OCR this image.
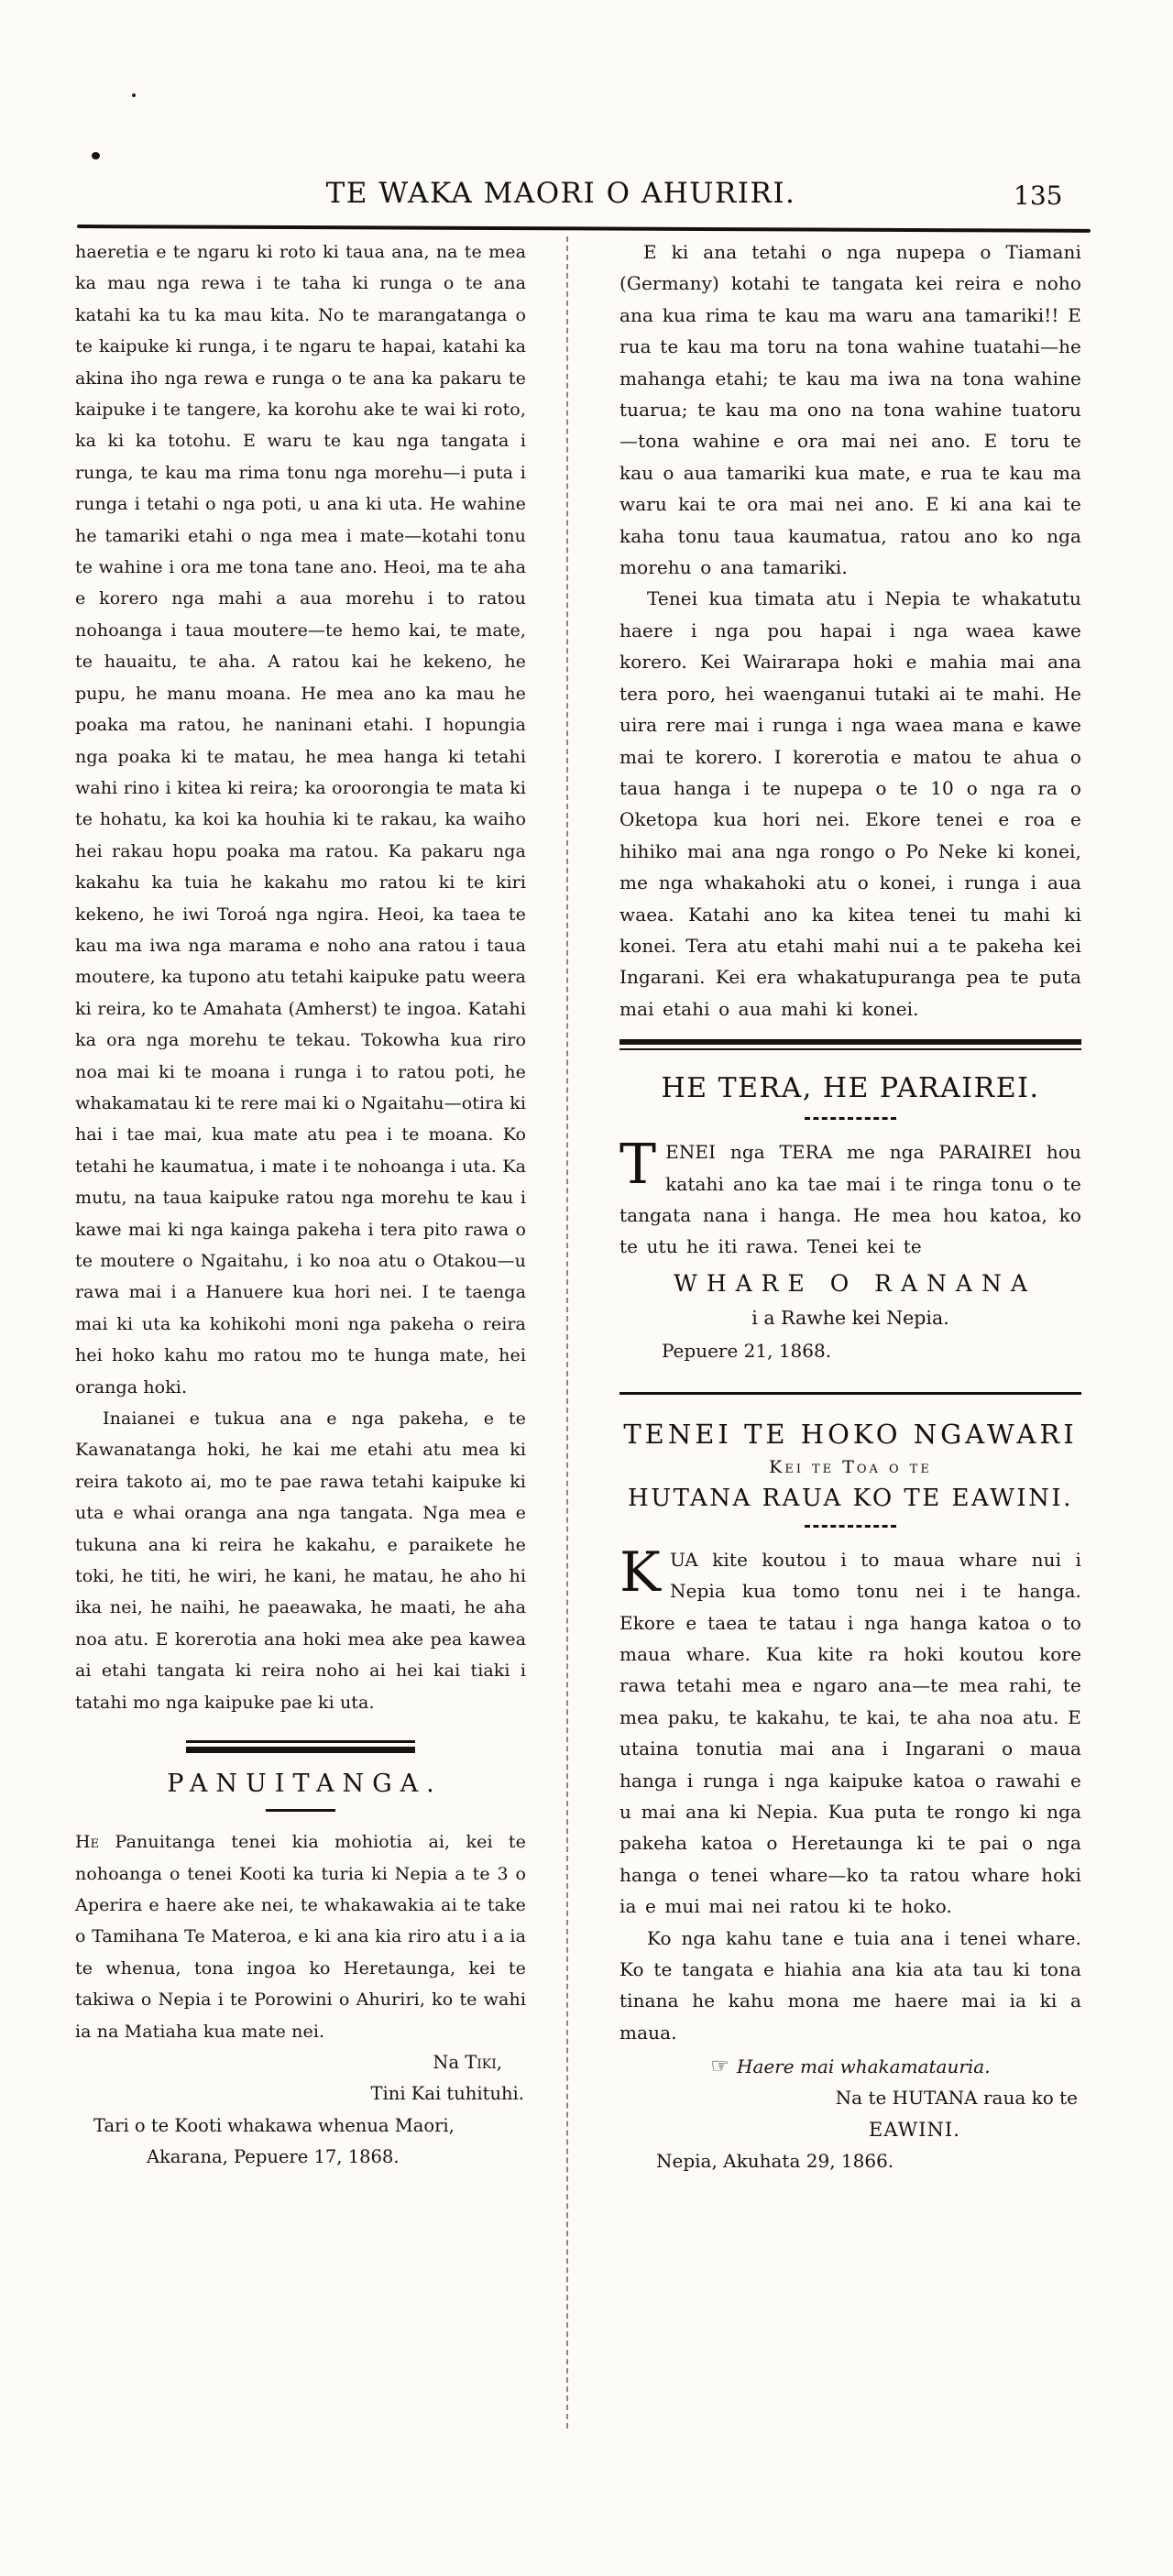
TE WAKA MAORI O AHURIRI.	135

haeretia e te ngaru ki roto ki taua ana, na te mea ka mau nga rewa i te taha ki runga o te ana katahi ka tu ka mau kita. No te marangatanga o te kaipuke ki runga, i te ngaru te hapai, katahi ka akina iho nga rewa e runga o te ana ka pakaru te kaipuke i te tangere, ka korohu ake te wai ki roto, ka ki ka totohu. E waru te kau nga tangata i runga, te kau ma rima tonu nga morehu—i puta i runga i tetahi o nga poti, u ana ki uta. He wahine he tamariki etahi o nga mea i mate—kotahi tonu te wahine i ora me tona tane ano. Heoi, ma te aha e korero nga mahi a aua morehu i to ratou nohoanga i taua moutere—te hemo kai, te mate, te hauaitu, te aha. A ratou kai he kekeno, he pupu, he manu moana. He mea ano ka mau he poaka ma ratou, he naninani etahi. I hopungia nga poaka ki te matau, he mea hanga ki tetahi wahi rino i kitea ki reira; ka oroorongia te mata ki te hohatu, ka koi ka houhia ki te rakau, ka waiho hei rakau hopu poaka ma ratou. Ka pakaru nga kakahu ka tuia he kakahu mo ratou ki te kiri kekeno, he iwi Toroá nga ngira. Heoi, ka taea te kau ma iwa nga marama e noho ana ratou i taua moutere, ka tupono atu tetahi kaipuke patu weera ki reira, ko te Amahata (Amherst) te ingoa. Katahi ka ora nga morehu te tekau. Tokowha kua riro noa mai ki te moana i runga i to ratou poti, he whakamatau ki te rere mai ki o Ngaitahu—otira ki hai i tae mai, kua mate atu pea i te moana. Ko tetahi he kaumatua, i mate i te nohoanga i uta. Ka mutu, na taua kaipuke ratou nga morehu te kau i kawe mai ki nga kainga pakeha i tera pito rawa o te moutere o Ngaitahu, i ko noa atu o Otakou—u rawa mai i a Hanuere kua hori nei. I te taenga mai ki uta ka kohikohi moni nga pakeha o reira hei hoko kahu mo ratou mo te hunga mate, hei oranga hoki.

Inaianei e tukua ana e nga pakeha, e te Kawanatanga hoki, he kai me etahi atu mea ki reira takoto ai, mo te pae rawa tetahi kaipuke ki uta e whai oranga ana nga tangata. Nga mea e tukuna ana ki reira he kakahu, e paraikete he toki, he titi, he wiri, he kani, he matau, he aho hi ika nei, he naihi, he paeawaka, he maati, he aha noa atu. E korerotia ana hoki mea ake pea kawea ai etahi tangata ki reira noho ai hei kai tiaki i tatahi mo nga kaipuke pae ki uta.

PANUITANGA.

He Panuitanga tenei kia mohiotia ai, kei te nohoanga o tenei Kooti ka turia ki Nepia a te 3 o Aperira e haere ake nei, te whakawakia ai te take o Tamihana Te Materoa, e ki ana kia riro atu i a ia te whenua, tona ingoa ko Heretaunga, kei te takiwa o Nepia i te Porowini o Ahuriri, ko te wahi ia na Matiaha kua mate nei.

Na Tiki,

Tini Kai tuhituhi.

Tari o te Kooti whakawa whenua Maori,

Akarana, Pepuere 17, 1868.

E ki ana tetahi o nga nupepa o Tiamani (Germany) kotahi te tangata kei reira e noho ana kua rima te kau ma waru ana tamariki!! E rua te kau ma toru na tona wahine tuatahi—he mahanga etahi; te kau ma iwa na tona wahine tuarua; te kau ma ono na tona wahine tuatoru—tona wahine e ora mai nei ano. E toru te kau o aua tamariki kua mate, e rua te kau ma waru kai te ora mai nei ano. E ki ana kai te kaha tonu taua kaumatua, ratou ano ko nga morehu o ana tamariki.

Tenei kua timata atu i Nepia te whakatutu haere i nga pou hapai i nga waea kawe korero. Kei Wairarapa hoki e mahia mai ana tera poro, hei waenganui tutaki ai te mahi. He uira rere mai i runga i nga waea mana e kawe mai te korero. I korerotia e matou te ahua o taua hanga i te nupepa o te 10 o nga ra o Oketopa kua hori nei. Ekore tenei e roa e hihiko mai ana nga rongo o Po Neke ki konei, me nga whakahoki atu o konei, i runga i aua waea. Katahi ano ka kitea tenei tu mahi ki konei. Tera atu etahi mahi nui a te pakeha kei Ingarani. Kei era whakatupuranga pea te puta mai etahi o aua mahi ki konei.

HE TERA, HE PARAIREI.

TENEI nga TERA me nga PARAIREI hou katahi ano ka tae mai i te ringa tonu o te tangata nana i hanga. He mea hou katoa, ko te utu he iti rawa. Tenei kei te

WHARE O RANANA
i a Rawhe kei Nepia.
Pepuere 21, 1868.
TENEI TE HOKO NGAWARI
Kei te Toa o te
HUTANA RAUA KO TE EAWINI.

KUA kite koutou i to maua whare nui i Nepia kua tomo tonu nei i te hanga. Ekore e taea te tatau i nga hanga katoa o to maua whare. Kua kite ra hoki koutou kore rawa tetahi mea e ngaro ana—te mea rahi, te mea paku, te kakahu, te kai, te aha noa atu. E utaina tonutia mai ana i Ingarani o maua hanga i runga i nga kaipuke katoa o rawahi e u mai ana ki Nepia. Kua puta te rongo ki nga pakeha katoa o Heretaunga ki te pai o nga hanga o tenei whare—ko ta ratou whare hoki ia e mui mai nei ratou ki te hoko.

Ko nga kahu tane e tuia ana i tenei whare. Ko te tangata e hiahia ana kia ata tau ki tona tinana he kahu mona me haere mai ia ki a maua.

☞ Haere mai whakamatauria.

Na te HUTANA raua ko te

EAWINI.

Nepia, Akuhata 29, 1866.
